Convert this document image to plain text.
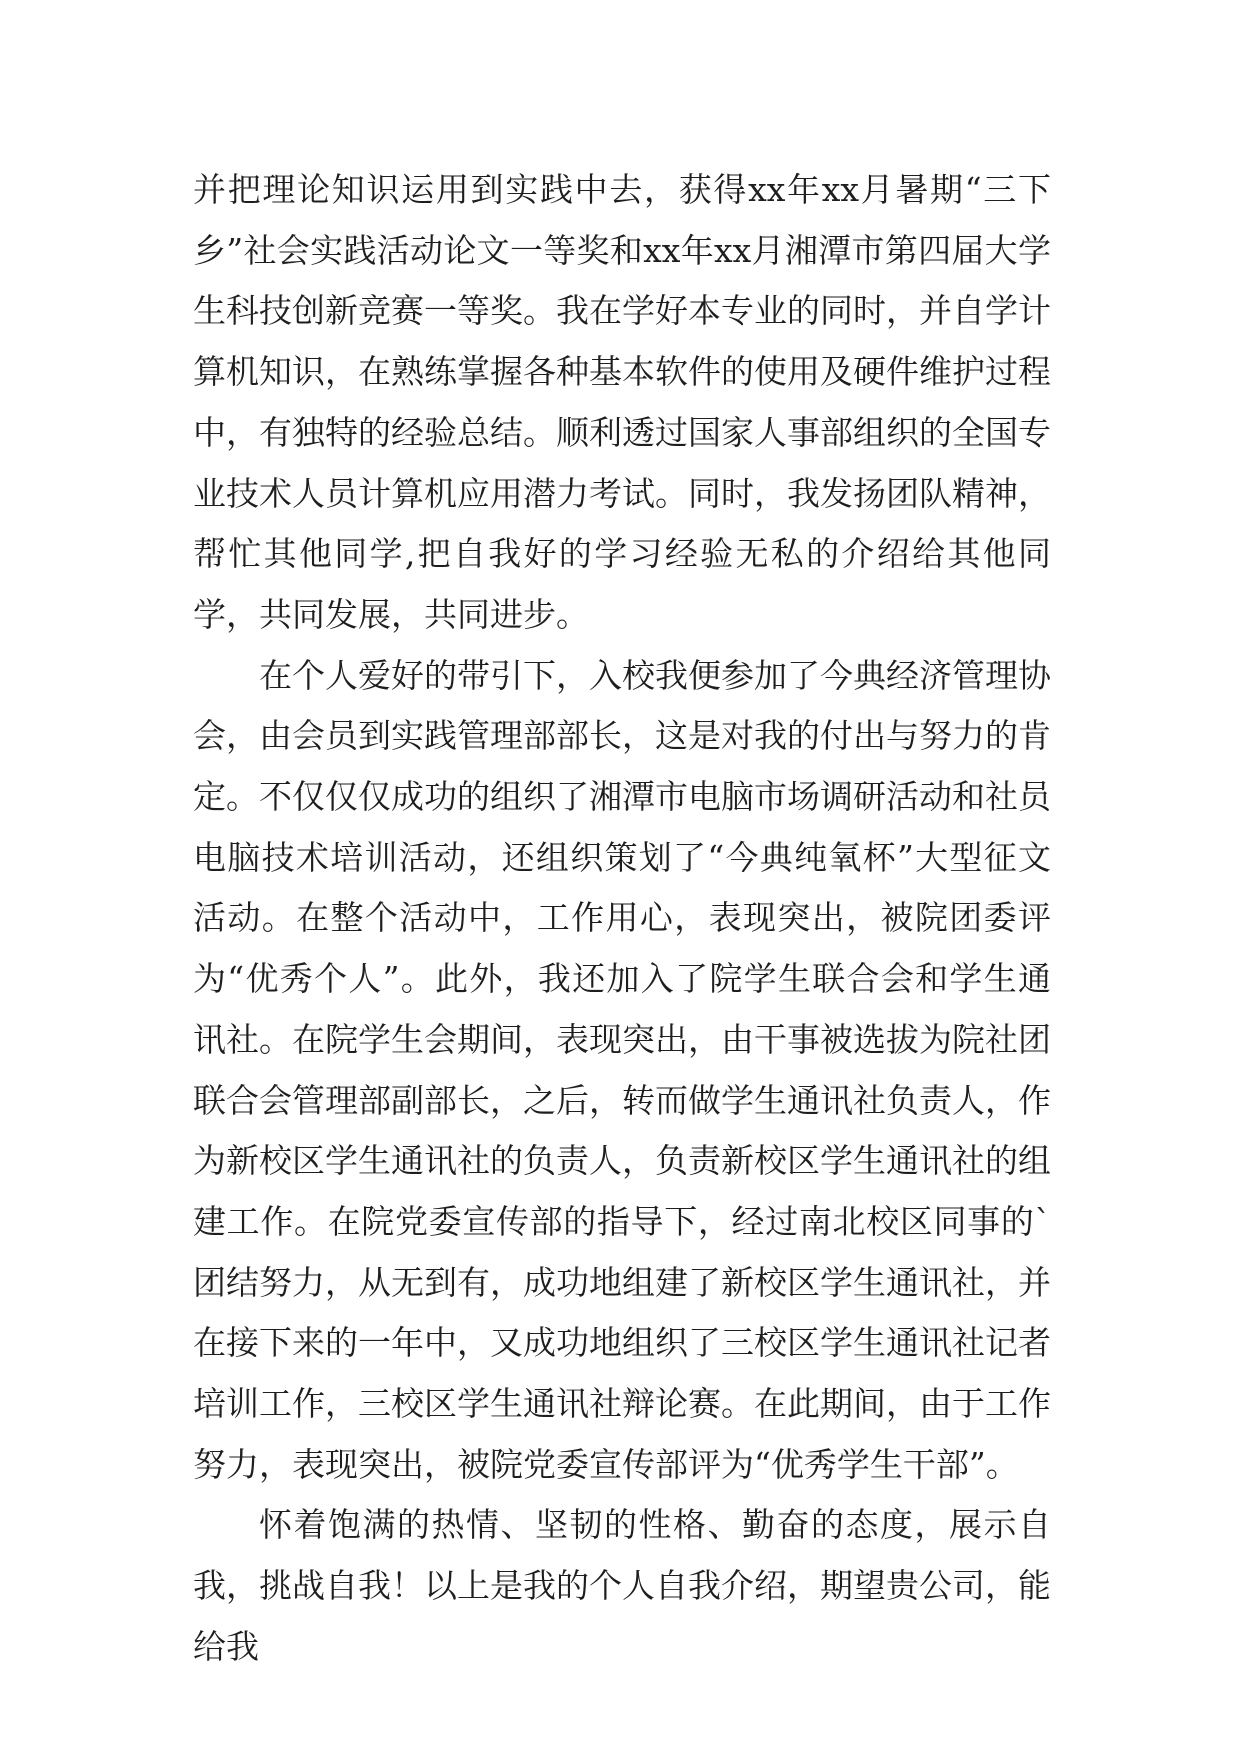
并把理论知识运用到实践中去，获得xx年xx月暑期“三下乡”社会实践活动论文一等奖和xx年xx月湘潭市第四届大学生科技创新竞赛一等奖。我在学好本专业的同时，并自学计算机知识，在熟练掌握各种基本软件的使用及硬件维护过程中，有独特的经验总结。顺利透过国家人事部组织的全国专业技术人员计算机应用潜力考试。同时，我发扬团队精神，帮忙其他同学,把自我好的学习经验无私的介绍给其他同学，共同发展，共同进步。

在个人爱好的带引下，入校我便参加了今典经济管理协会，由会员到实践管理部部长，这是对我的付出与努力的肯定。不仅仅仅成功的组织了湘潭市电脑市场调研活动和社员电脑技术培训活动，还组织策划了“今典纯氧杯”大型征文活动。在整个活动中，工作用心，表现突出，被院团委评为“优秀个人”。此外，我还加入了院学生联合会和学生通讯社。在院学生会期间，表现突出，由干事被选拔为院社团联合会管理部副部长，之后，转而做学生通讯社负责人，作为新校区学生通讯社的负责人，负责新校区学生通讯社的组建工作。在院党委宣传部的指导下，经过南北校区同事的`团结努力，从无到有，成功地组建了新校区学生通讯社，并在接下来的一年中，又成功地组织了三校区学生通讯社记者培训工作，三校区学生通讯社辩论赛。在此期间，由于工作努力，表现突出，被院党委宣传部评为“优秀学生干部”。

怀着饱满的热情、坚韧的性格、勤奋的态度，展示自我，挑战自我！以上是我的个人自我介绍，期望贵公司，能给我
